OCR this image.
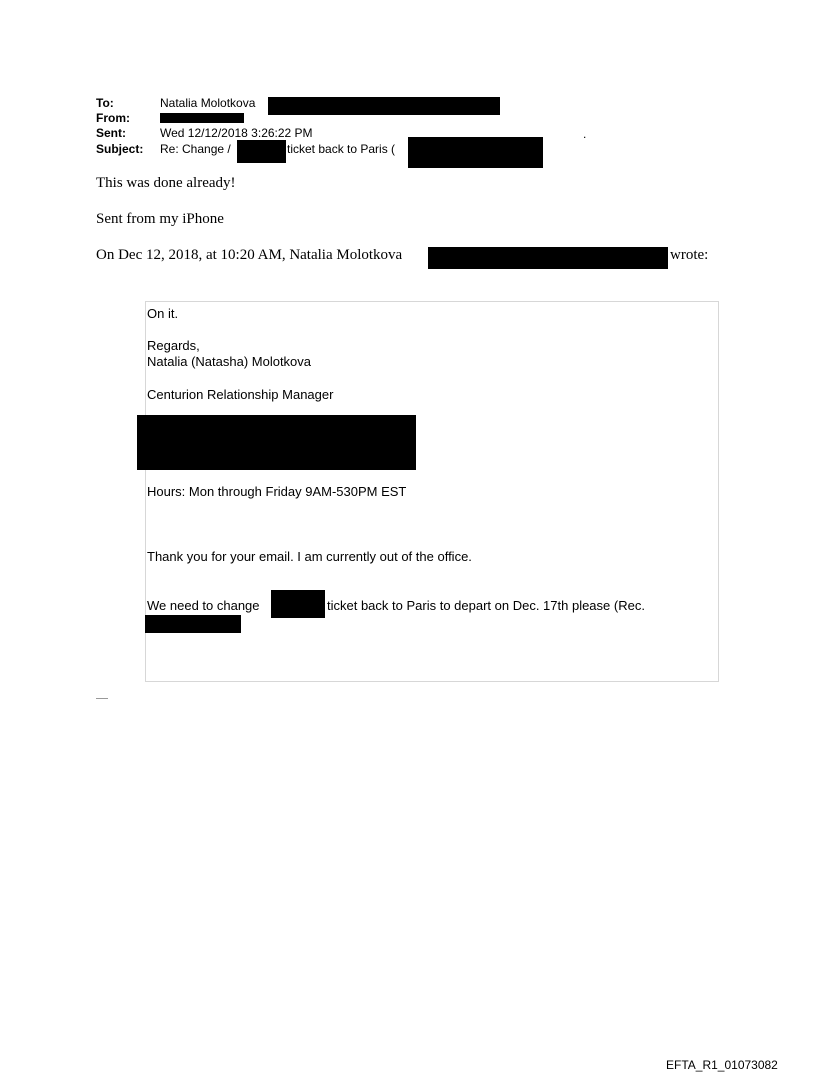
To:	Natalia Molotkova
From:
Sent:	Wed 12/12/2018 3:26:22 PM
Subject: Re: Change /	ticket back to Paris (
.
This was done already!
Sent from my iPhone
On Dec 12, 2018, at 10:20 AM, Natalia Molotkova	wrote:
On it.
Regards,
Natalia (Natasha) Molotkova
Centurion Relationship Manager
Hours: Mon through Friday 9AM-530PM EST
Thank you for your email. I am currently out of the office.
We need to change	ticket back to Paris to depart on Dec. 17th please (Rec.
EFTA_R1_01073082
